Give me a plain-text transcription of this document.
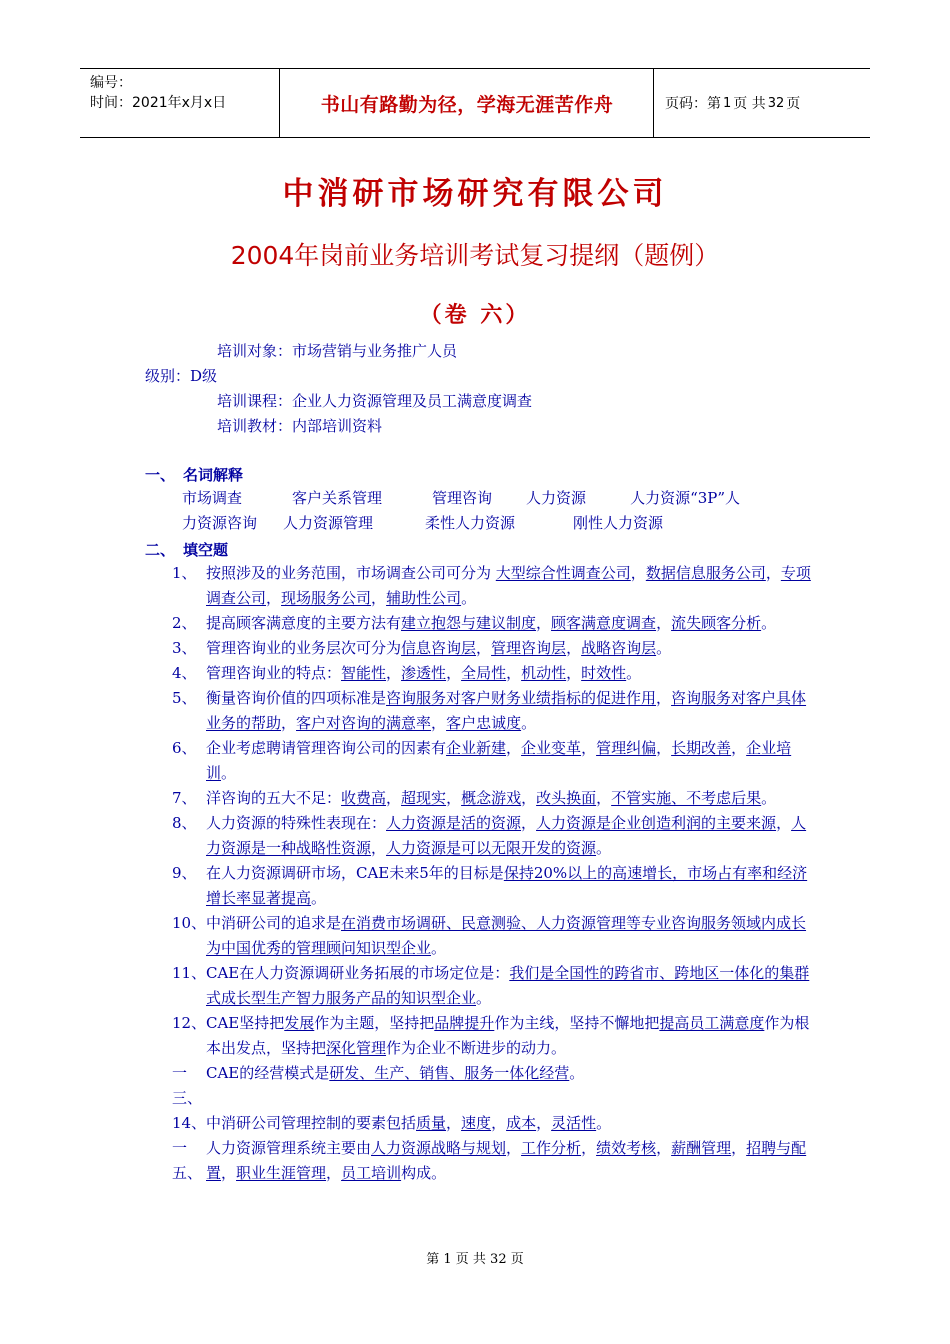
编号：
时间：2021年x月x日	书山有路勤为径，学海无涯苦作舟	页码：第 1 页 共 32 页
中消研市场研究有限公司
2004年岗前业务培训考试复习提纲（题例）
（卷 六）
培训对象：市场营销与业务推广人员
级别：D级
培训课程：企业人力资源管理及员工满意度调查
培训教材：内部培训资料
一、 名词解释
市场调查	客户关系管理	管理咨询 人力资源	人力资源“3P”人
力资源咨询 人力资源管理	柔性人力资源	刚性人力资源
二、 填空题
1、 按照涉及的业务范围，市场调查公司可分为 大型综合性调查公司，数据信息服务公司，专项调查公司，现场服务公司，辅助性公司。
2、 提高顾客满意度的主要方法有建立抱怨与建议制度，顾客满意度调查，流失顾客分析。
3、 管理咨询业的业务层次可分为信息咨询层，管理咨询层，战略咨询层。
4、 管理咨询业的特点：智能性，渗透性，全局性，机动性，时效性。
5、 衡量咨询价值的四项标准是咨询服务对客户财务业绩指标的促进作用，咨询服务对客户具体业务的帮助，客户对咨询的满意率，客户忠诚度。
6、 企业考虑聘请管理咨询公司的因素有企业新建，企业变革，管理纠偏，长期改善，企业培训。
7、 洋咨询的五大不足：收费高，超现实，概念游戏，改头换面，不管实施、不考虑后果。
8、 人力资源的特殊性表现在：人力资源是活的资源，人力资源是企业创造利润的主要来源，人力资源是一种战略性资源，人力资源是可以无限开发的资源。
9、 在人力资源调研市场，CAE未来5年的目标是保持20%以上的高速增长，市场占有率和经济增长率显著提高。
10、 中消研公司的追求是在消费市场调研、民意测验、人力资源管理等专业咨询服务领域内成长为中国优秀的管理顾问知识型企业。
11、 CAE在人力资源调研业务拓展的市场定位是：我们是全国性的跨省市、跨地区一体化的集群式成长型生产智力服务产品的知识型企业。
12、 CAE坚持把发展作为主题，坚持把品牌提升作为主线，坚持不懈地把提高员工满意度作为根本出发点，坚持把深化管理作为企业不断进步的动力。
一三、
CAE的经营模式是研发、生产、销售、服务一体化经营。
14、 中消研公司管理控制的要素包括质量，速度，成本，灵活性。
一五、
人力资源管理系统主要由人力资源战略与规划，工作分析，绩效考核，薪酬管理，招聘与配置，职业生涯管理，员工培训构成。
第 1 页 共 32 页
